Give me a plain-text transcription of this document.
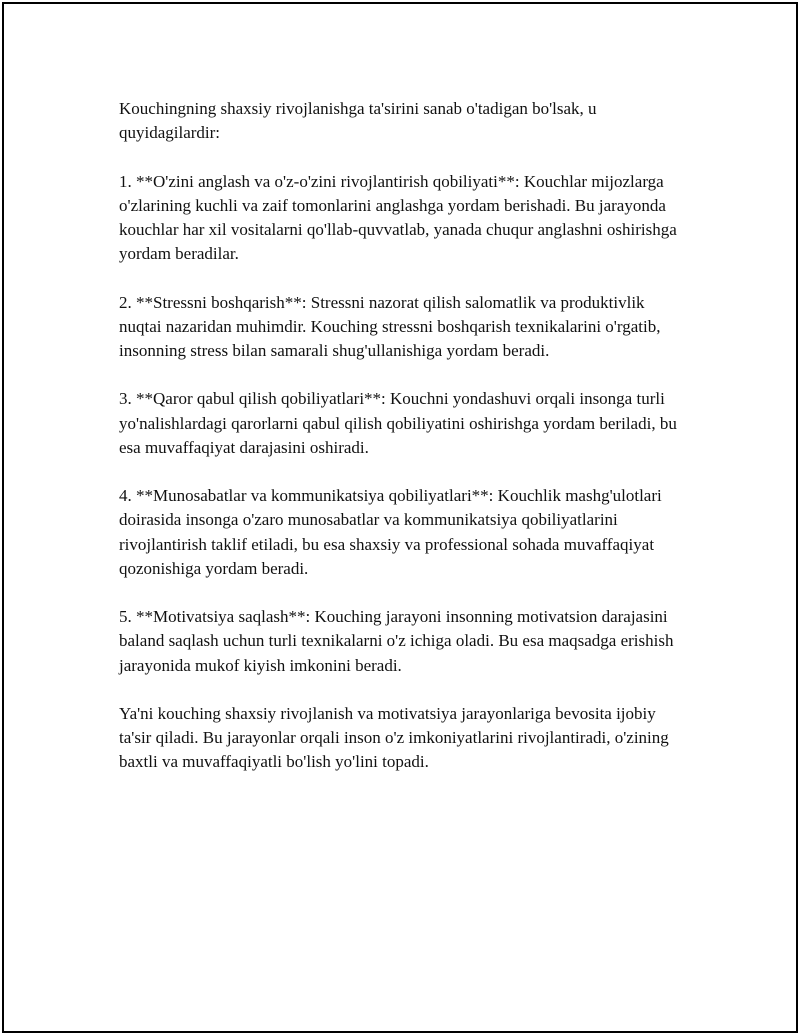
Kouchingning shaxsiy rivojlanishga ta'sirini sanab o'tadigan bo'lsak, u quyidagilardir:

1. **O'zini anglash va o'z-o'zini rivojlantirish qobiliyati**: Kouchlar mijozlarga o'zlarining kuchli va zaif tomonlarini anglashga yordam berishadi. Bu jarayonda kouchlar har xil vositalarni qo'llab-quvvatlab, yanada chuqur anglashni oshirishga yordam beradilar.

2. **Stressni boshqarish**: Stressni nazorat qilish salomatlik va produktivlik nuqtai nazaridan muhimdir. Kouching stressni boshqarish texnikalarini o'rgatib, insonning stress bilan samarali shug'ullanishiga yordam beradi.

3. **Qaror qabul qilish qobiliyatlari**: Kouchni yondashuvi orqali insonga turli yo'nalishlardagi qarorlarni qabul qilish qobiliyatini oshirishga yordam beriladi, bu esa muvaffaqiyat darajasini oshiradi.

4. **Munosabatlar va kommunikatsiya qobiliyatlari**: Kouchlik mashg'ulotlari doirasida insonga o'zaro munosabatlar va kommunikatsiya qobiliyatlarini rivojlantirish taklif etiladi, bu esa shaxsiy va professional sohada muvaffaqiyat qozonishiga yordam beradi.

5. **Motivatsiya saqlash**: Kouching jarayoni insonning motivatsion darajasini baland saqlash uchun turli texnikalarni o'z ichiga oladi. Bu esa maqsadga erishish jarayonida mukof kiyish imkonini beradi.

Ya'ni kouching shaxsiy rivojlanish va motivatsiya jarayonlariga bevosita ijobiy ta'sir qiladi. Bu jarayonlar orqali inson o'z imkoniyatlarini rivojlantiradi, o'zining baxtli va muvaffaqiyatli bo'lish yo'lini topadi.
